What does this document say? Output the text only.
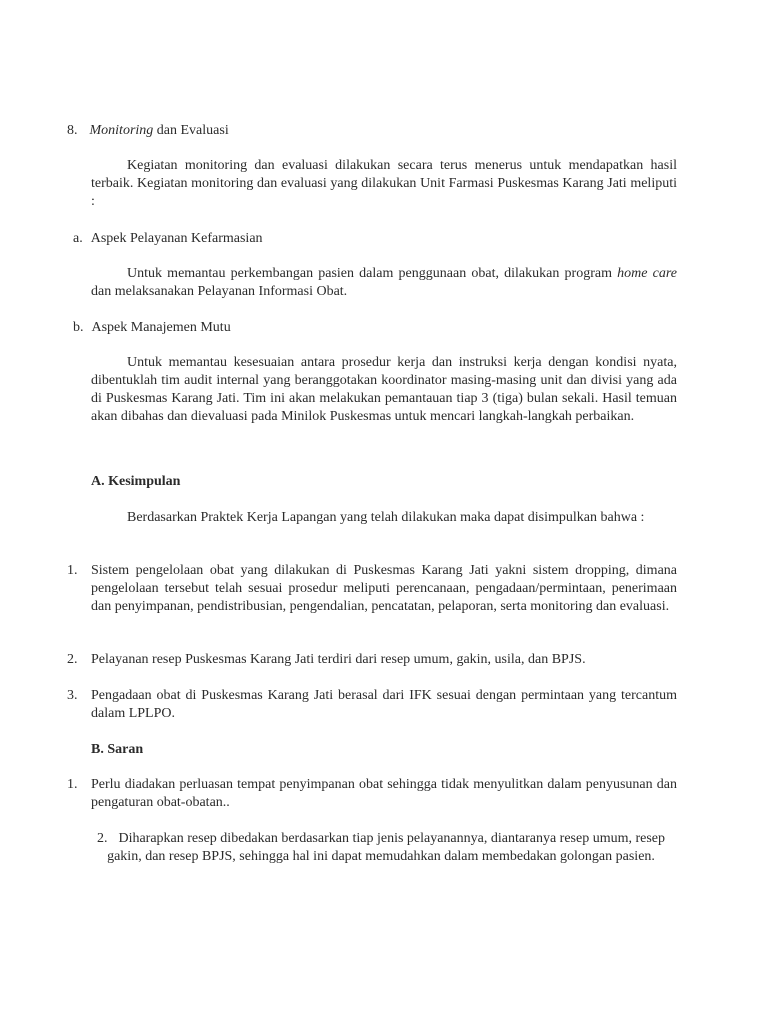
8. Monitoring dan Evaluasi

Kegiatan monitoring dan evaluasi dilakukan secara terus menerus untuk mendapatkan hasil terbaik. Kegiatan monitoring dan evaluasi yang dilakukan Unit Farmasi Puskesmas Karang Jati meliputi :

a. Aspek Pelayanan Kefarmasian

Untuk memantau perkembangan pasien dalam penggunaan obat, dilakukan program home care dan melaksanakan Pelayanan Informasi Obat.

b. Aspek Manajemen Mutu

Untuk memantau kesesuaian antara prosedur kerja dan instruksi kerja dengan kondisi nyata, dibentuklah tim audit internal yang beranggotakan koordinator masing-masing unit dan divisi yang ada di Puskesmas Karang Jati. Tim ini akan melakukan pemantauan tiap 3 (tiga) bulan sekali. Hasil temuan akan dibahas dan dievaluasi pada Minilok Puskesmas untuk mencari langkah-langkah perbaikan.

A. Kesimpulan

Berdasarkan Praktek Kerja Lapangan yang telah dilakukan maka dapat disimpulkan bahwa :

1. Sistem pengelolaan obat yang dilakukan di Puskesmas Karang Jati yakni sistem dropping, dimana pengelolaan tersebut telah sesuai prosedur meliputi perencanaan, pengadaan/permintaan, penerimaan dan penyimpanan, pendistribusian, pengendalian, pencatatan, pelaporan, serta monitoring dan evaluasi.

2. Pelayanan resep Puskesmas Karang Jati terdiri dari resep umum, gakin, usila, dan BPJS.

3. Pengadaan obat di Puskesmas Karang Jati berasal dari IFK sesuai dengan permintaan yang tercantum dalam LPLPO.

B. Saran
1. Perlu diadakan perluasan tempat penyimpanan obat sehingga tidak menyulitkan dalam penyusunan dan pengaturan obat-obatan..

2. Diharapkan resep dibedakan berdasarkan tiap jenis pelayanannya, diantaranya resep umum, resep gakin, dan resep BPJS, sehingga hal ini dapat memudahkan dalam membedakan golongan pasien.
